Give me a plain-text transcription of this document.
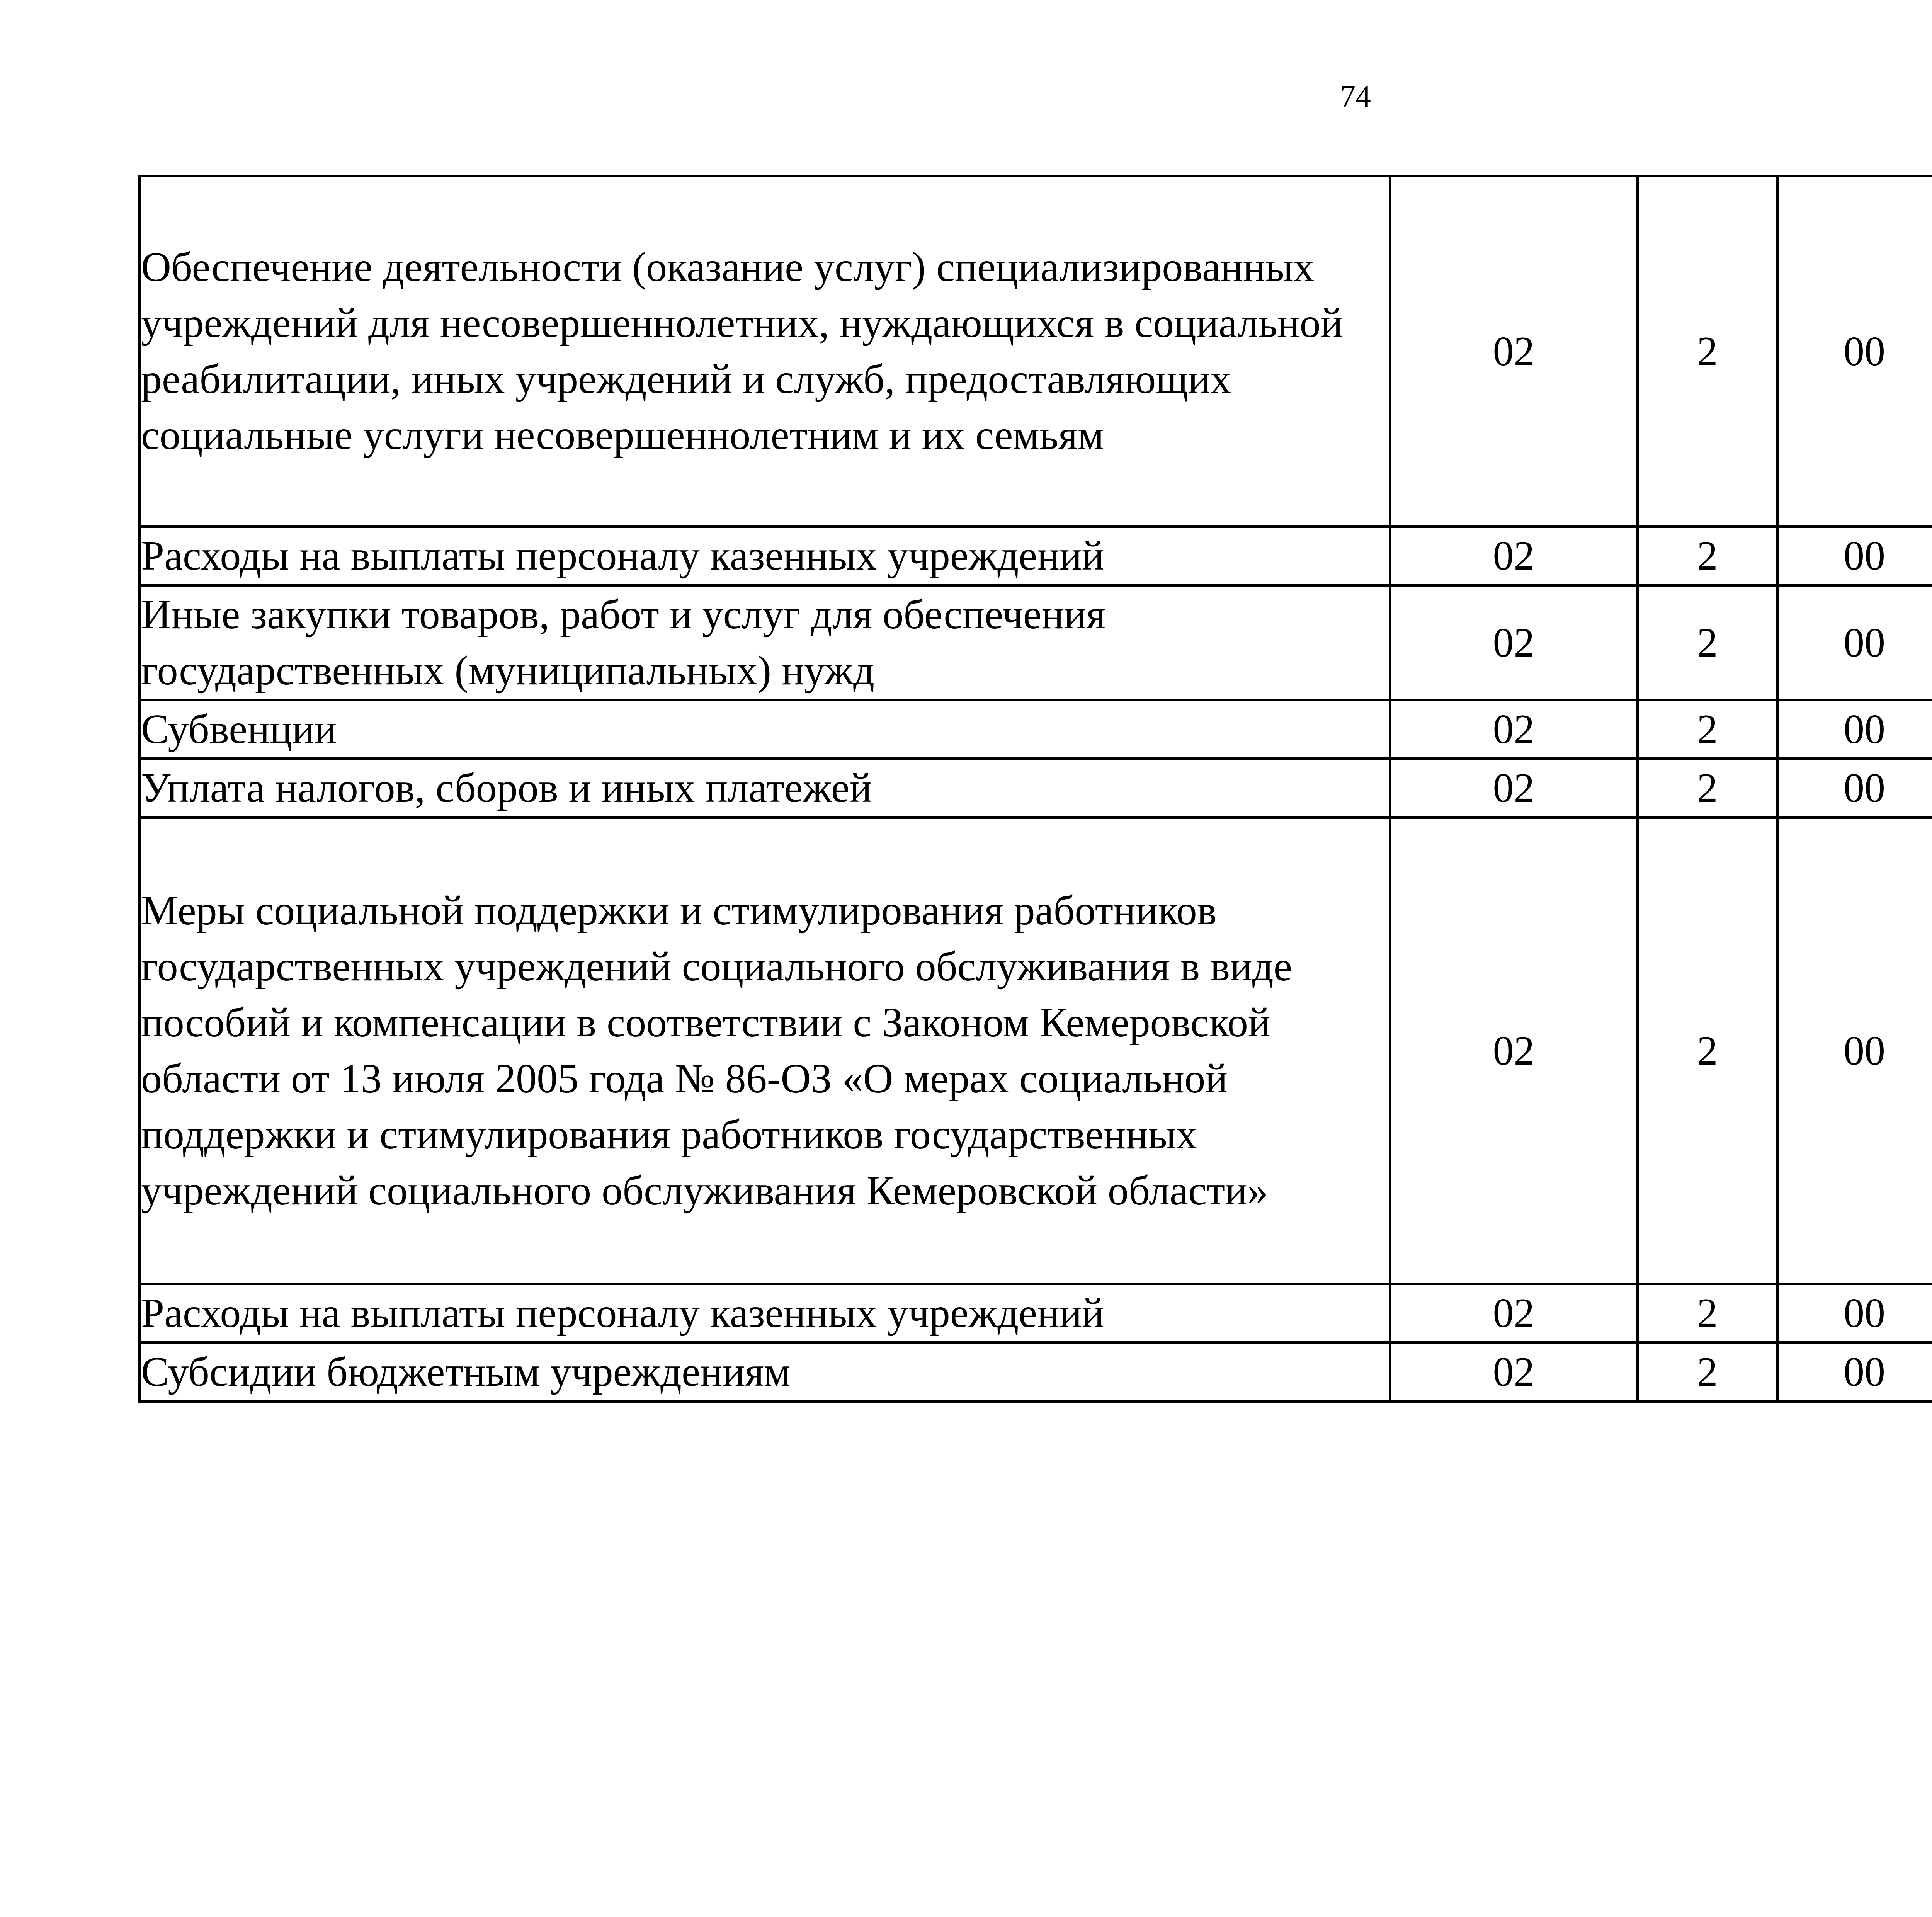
74
Обеспечение деятельности (оказание услуг) специализированных учреждений для несовершеннолетних, нуждающихся в социальной реабилитации, иных учреждений и служб, предоставляющих социальные услуги несовершеннолетним и их семьям	02	2	00			
Расходы на выплаты персоналу казенных учреждений	02	2	00			
Иные закупки товаров, работ и услуг для обеспечения государственных (муниципальных) нужд	02	2	00			
Субвенции	02	2	00			
Уплата налогов, сборов и иных платежей	02	2	00			
Меры социальной поддержки и стимулирования работников государственных учреждений социального обслуживания в виде пособий и компенсации в соответствии с Законом Кемеровской области от 13 июля 2005 года № 86-ОЗ «О мерах социальной поддержки и стимулирования работников государственных учреждений социального обслуживания Кемеровской области»	02	2	00			
Расходы на выплаты персоналу казенных учреждений	02	2	00			
Субсидии бюджетным учреждениям	02	2	00			
